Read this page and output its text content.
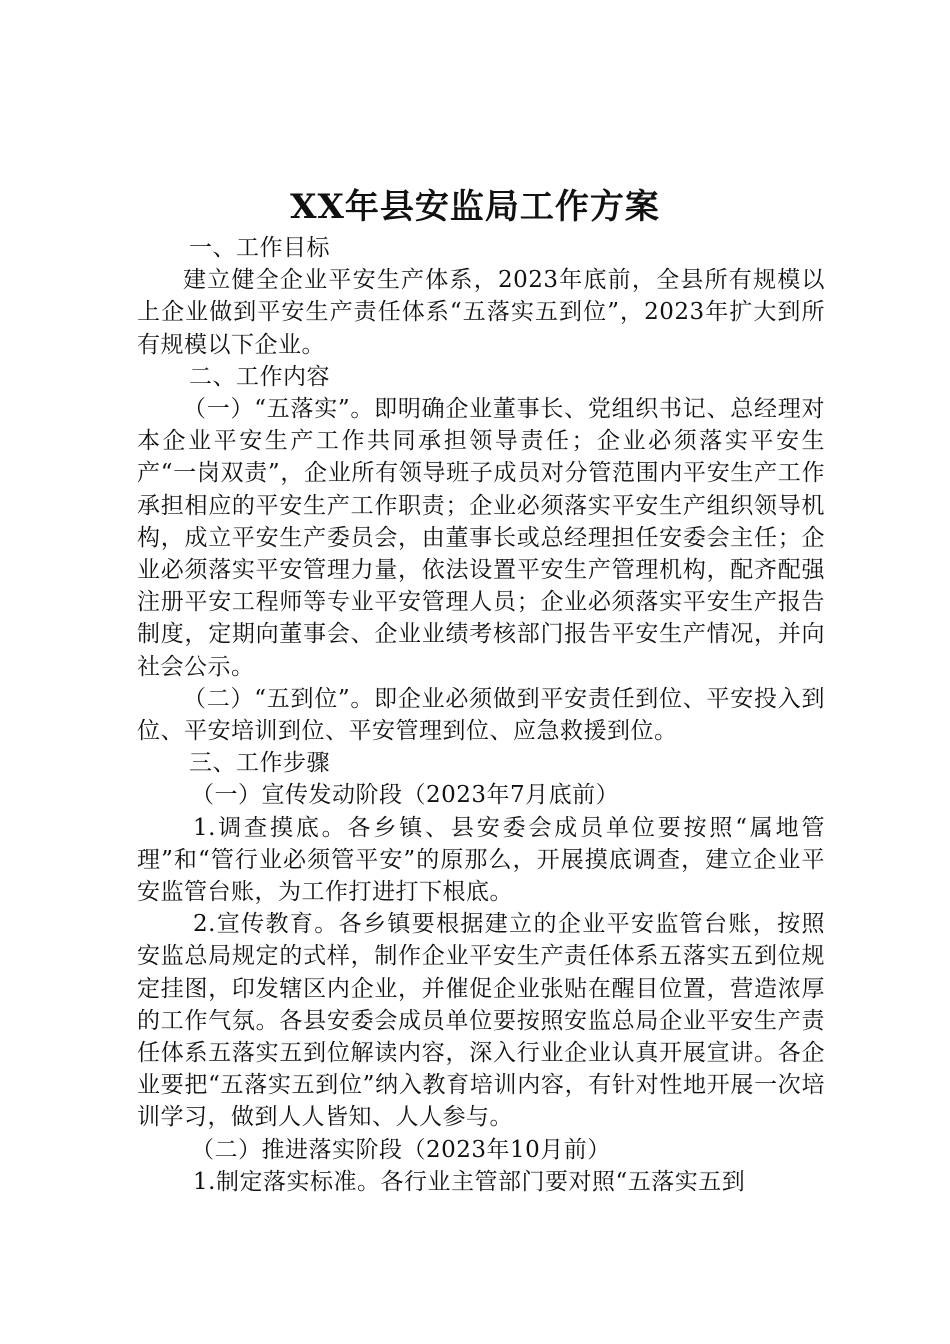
XX年县安监局工作方案

一、工作目标

建立健全企业平安生产体系，2023年底前，全县所有规模以上企业做到平安生产责任体系“五落实五到位”，2023年扩大到所有规模以下企业。

二、工作内容

（一）“五落实”。即明确企业董事长、党组织书记、总经理对本企业平安生产工作共同承担领导责任；企业必须落实平安生产“一岗双责”，企业所有领导班子成员对分管范围内平安生产工作承担相应的平安生产工作职责；企业必须落实平安生产组织领导机构，成立平安生产委员会，由董事长或总经理担任安委会主任；企业必须落实平安管理力量，依法设置平安生产管理机构，配齐配强注册平安工程师等专业平安管理人员；企业必须落实平安生产报告制度，定期向董事会、企业业绩考核部门报告平安生产情况，并向社会公示。

（二）“五到位”。即企业必须做到平安责任到位、平安投入到位、平安培训到位、平安管理到位、应急救援到位。

三、工作步骤

（一）宣传发动阶段（2023年7月底前）

1.调查摸底。各乡镇、县安委会成员单位要按照“属地管理”和“管行业必须管平安”的原那么，开展摸底调查，建立企业平安监管台账，为工作打进打下根底。

2.宣传教育。各乡镇要根据建立的企业平安监管台账，按照安监总局规定的式样，制作企业平安生产责任体系五落实五到位规定挂图，印发辖区内企业，并催促企业张贴在醒目位置，营造浓厚的工作气氛。各县安委会成员单位要按照安监总局企业平安生产责任体系五落实五到位解读内容，深入行业企业认真开展宣讲。各企业要把“五落实五到位”纳入教育培训内容，有针对性地开展一次培训学习，做到人人皆知、人人参与。

（二）推进落实阶段（2023年10月前）

1.制定落实标准。各行业主管部门要对照“五落实五到
